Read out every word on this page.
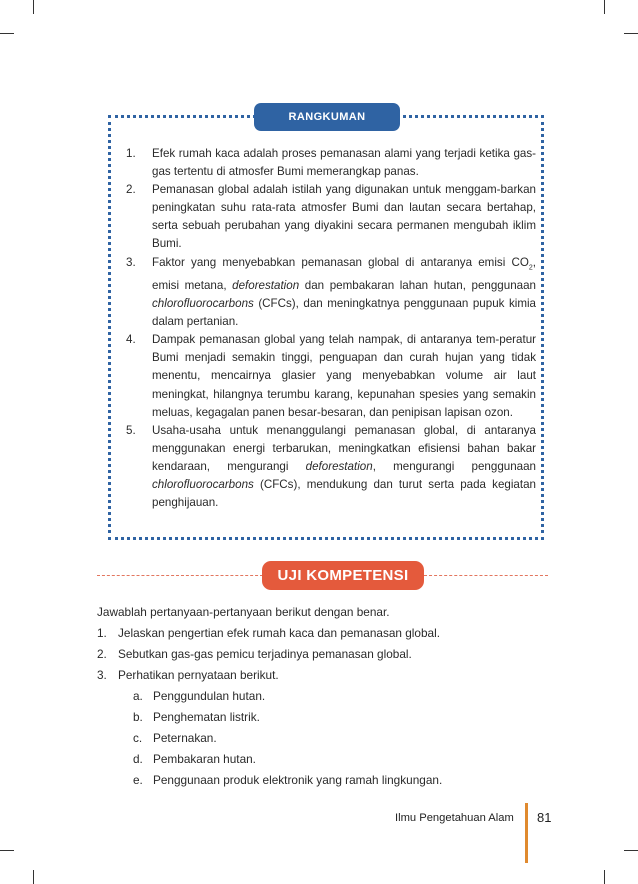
RANGKUMAN
1. Efek rumah kaca adalah proses pemanasan alami yang terjadi ketika gas-gas tertentu di atmosfer Bumi memerangkap panas.
2. Pemanasan global adalah istilah yang digunakan untuk menggam-barkan peningkatan suhu rata-rata atmosfer Bumi dan lautan secara bertahap, serta sebuah perubahan yang diyakini secara permanen mengubah iklim Bumi.
3. Faktor yang menyebabkan pemanasan global di antaranya emisi $CO_2$, emisi metana, deforestation dan pembakaran lahan hutan, penggunaan chlorofluorocarbons (CFCs), dan meningkatnya penggunaan pupuk kimia dalam pertanian.
4. Dampak pemanasan global yang telah nampak, di antaranya tem-peratur Bumi menjadi semakin tinggi, penguapan dan curah hujan yang tidak menentu, mencairnya glasier yang menyebabkan volume air laut meningkat, hilangnya terumbu karang, kepunahan spesies yang semakin meluas, kegagalan panen besar-besaran, dan penipisan lapisan ozon.
5. Usaha-usaha untuk menanggulangi pemanasan global, di antaranya menggunakan energi terbarukan, meningkatkan efisiensi bahan bakar kendaraan, mengurangi deforestation, mengurangi penggunaan chlorofluorocarbons (CFCs), mendukung dan turut serta pada kegiatan penghijauan.
UJI KOMPETENSI
Jawablah pertanyaan-pertanyaan berikut dengan benar.
1. Jelaskan pengertian efek rumah kaca dan pemanasan global.
2. Sebutkan gas-gas pemicu terjadinya pemanasan global.
3. Perhatikan pernyataan berikut.
a. Penggundulan hutan.
b. Penghematan listrik.
c. Peternakan.
d. Pembakaran hutan.
e. Penggunaan produk elektronik yang ramah lingkungan.
Ilmu Pengetahuan Alam 81
